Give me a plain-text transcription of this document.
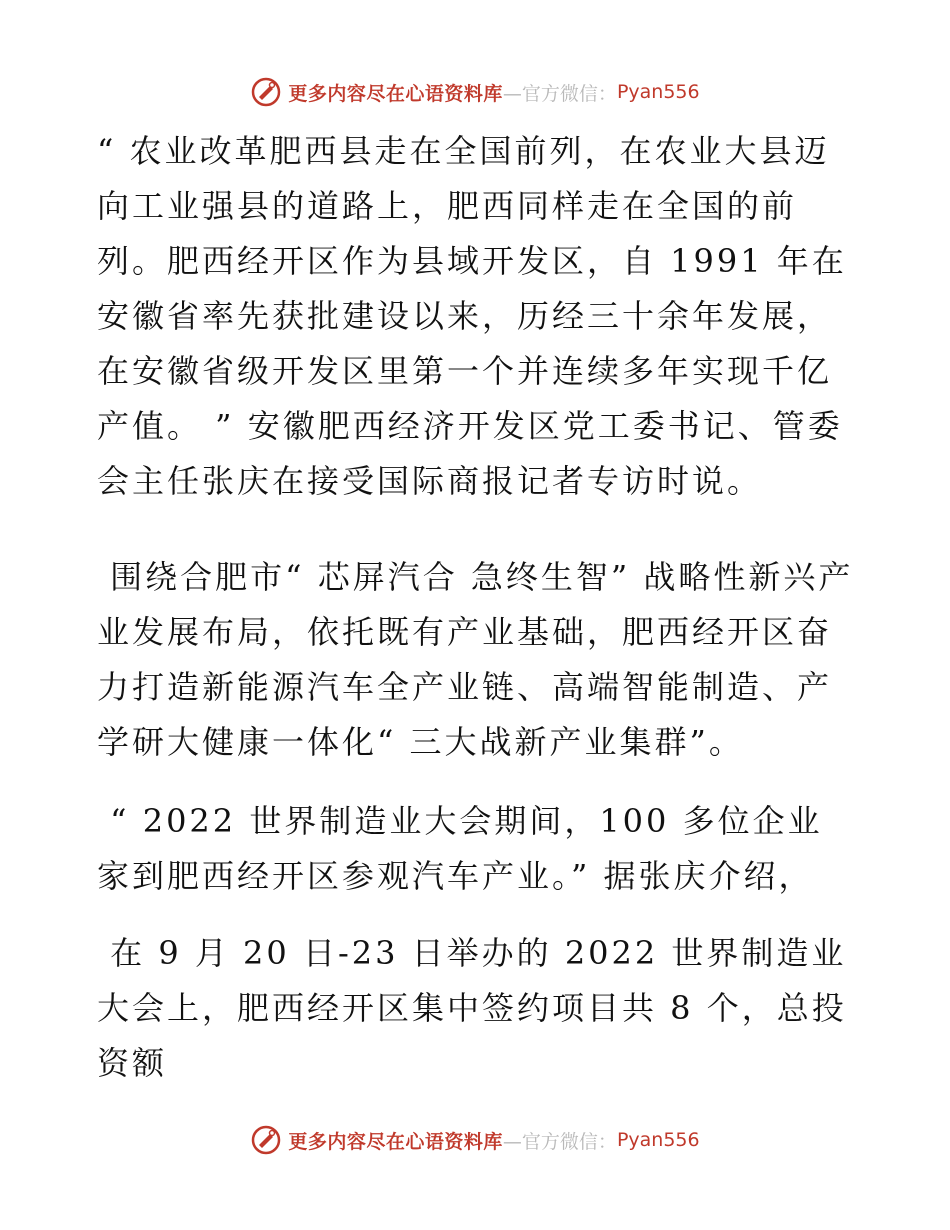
更多内容尽在心语资料库 —官方微信： Pyan556

“ 农业改革肥西县走在全国前列，在农业大县迈向工业强县的道路上，肥西同样走在全国的前列。肥西经开区作为县域开发区，自 1991 年在安徽省率先获批建设以来，历经三十余年发展，在安徽省级开发区里第一个并连续多年实现千亿产值。 ” 安徽肥西经济开发区党工委书记、管委会主任张庆在接受国际商报记者专访时说。

围绕合肥市“ 芯屏汽合 急终生智” 战略性新兴产业发展布局，依托既有产业基础，肥西经开区奋力打造新能源汽车全产业链、高端智能制造、产学研大健康一体化“ 三大战新产业集群”。

“ 2022 世界制造业大会期间，100 多位企业家到肥西经开区参观汽车产业。” 据张庆介绍，

在 9 月 20 日-23 日举办的 2022 世界制造业大会上，肥西经开区集中签约项目共 8 个，总投资额

更多内容尽在心语资料库 —官方微信： Pyan556
